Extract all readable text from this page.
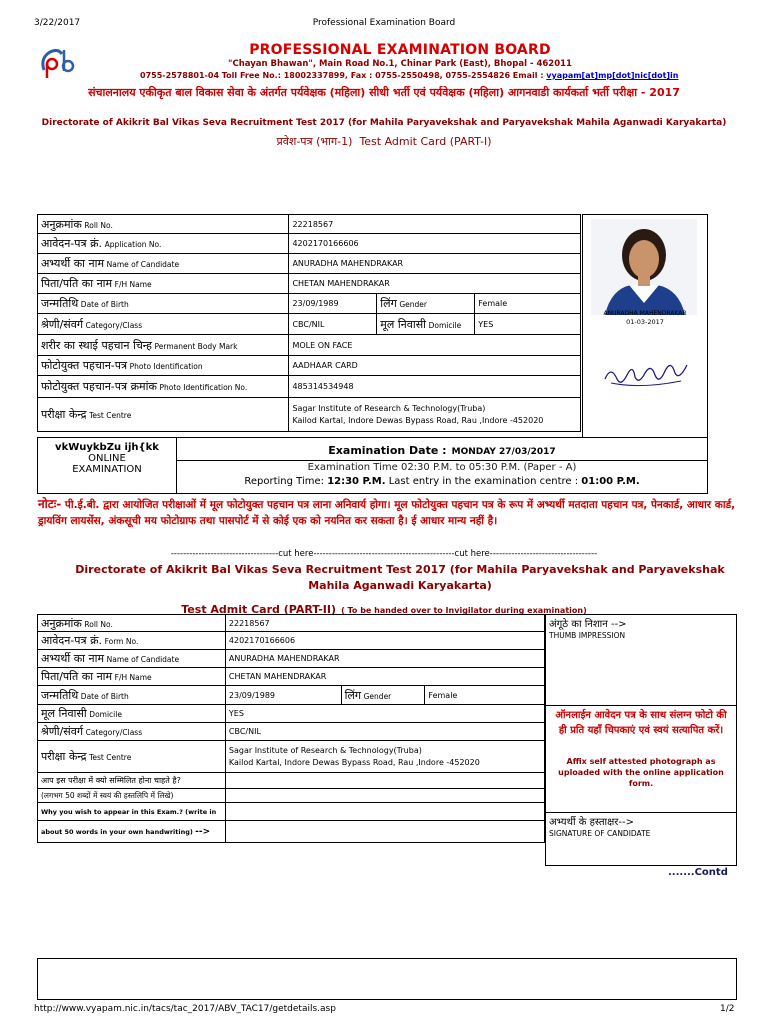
3/22/2017	Professional Examination Board
PROFESSIONAL EXAMINATION BOARD
"Chayan Bhawan", Main Road No.1, Chinar Park (East), Bhopal - 462011
0755-2578801-04 Toll Free No.: 18002337899, Fax : 0755-2550498, 0755-2554826 Email : vyapam[at]mp[dot]nic[dot]in
संचालनालय एकीकृत बाल विकास सेवा के अंतर्गत पर्यवेक्षक (महिला) सीधी भर्ती एवं पर्यवेक्षक (महिला) आगनवाडी कार्यकर्ता भर्ती परीक्षा - 2017
Directorate of Akikrit Bal Vikas Seva Recruitment Test 2017 (for Mahila Paryavekshak and Paryavekshak Mahila Aganwadi Karyakarta)
प्रवेश-पत्र (भाग-1) Test Admit Card (PART-I)
अनुक्रमांक Roll No.	22218567		
आवेदन-पत्र क्रं. Application No.	4202170166606		
अभ्यर्थी का नाम Name of Candidate	ANURADHA MAHENDRAKAR		
पिता/पति का नाम F/H Name	CHETAN MAHENDRAKAR		
जन्मतिथि Date of Birth	23/09/1989	लिंग Gender	Female
श्रेणी/संवर्ग Category/Class	CBC/NIL	मूल निवासी Domicile	YES
शरीर का स्थाई पहचान चिन्ह Permanent Body Mark	MOLE ON FACE		
फोटोयुक्त पहचान-पत्र Photo Identification	AADHAAR CARD		
फोटोयुक्त पहचान-पत्र क्रमांक Photo Identification No.	485314534948		
परीक्षा केन्द्र Test Centre	Sagar Institute of Research & Technology(Truba)
Kailod Kartal, Indore Dewas Bypass Road, Rau ,Indore -452020		
ANURADHA MAHENDRAKAR
01-03-2017
vkWuykbZu ijh{kk
ONLINE
EXAMINATION
Examination Date : MONDAY 27/03/2017
Examination Time 02:30 P.M. to 05:30 P.M. (Paper - A)
Reporting Time: 12:30 P.M. Last entry in the examination centre : 01:00 P.M.
नोटः- पी.ई.बी. द्वारा आयोजित परीक्षाओं में मूल फोटोयुक्त पहचान पत्र लाना अनिवार्य होगा। मूल फोटोयुक्त पहचान पत्र के रूप में अभ्यर्थी मतदाता पहचान पत्र, पेनकार्ड, आधार कार्ड, ड्रायविंग लायसेंस, अंकसूची मय फोटोग्राफ तथा पासपोर्ट में से कोई एक को नयनित कर सकता है। ई आधार मान्य नहीं है।
-----------------------------------cut here----------------------------------------------cut here-----------------------------------
Directorate of Akikrit Bal Vikas Seva Recruitment Test 2017 (for Mahila Paryavekshak and Paryavekshak
Mahila Aganwadi Karyakarta)
Test Admit Card (PART-II) ( To be handed over to Invigilator during examination)
अनुक्रमांक Roll No.	22218567		
आवेदन-पत्र क्रं. Form No.	4202170166606		
अभ्यर्थी का नाम Name of Candidate	ANURADHA MAHENDRAKAR		
पिता/पति का नाम F/H Name	CHETAN MAHENDRAKAR		
जन्मतिथि Date of Birth	23/09/1989	लिंग Gender	Female
मूल निवासी Domicile	YES		
श्रेणी/संवर्ग Category/Class	CBC/NIL		
परीक्षा केन्द्र Test Centre	Sagar Institute of Research & Technology(Truba)
Kailod Kartal, Indore Dewas Bypass Road, Rau ,Indore -452020		

आप इस परीक्षा में क्यो सम्मिलित होना चाहते है?			
(लगभग 50 शब्दों में स्वयं की हस्तलिपि में लिखे)			
Why you wish to appear in this Exam.? (write in			
about 50 words in your own handwriting) -->			
अंगूठे का निशान -->
THUMB IMPRESSION
ऑनलाईन आवेदन पत्र के साथ संलग्न फोटो की ही प्रति यहाँ चिपकाएं एवं स्वयं सत्यापित करें।
Affix self attested photograph as uploaded with the online application form.
अभ्यर्थी के हस्ताक्षर-->
SIGNATURE OF CANDIDATE
.......Contd
http://www.vyapam.nic.in/tacs/tac_2017/ABV_TAC17/getdetails.asp	1/2
